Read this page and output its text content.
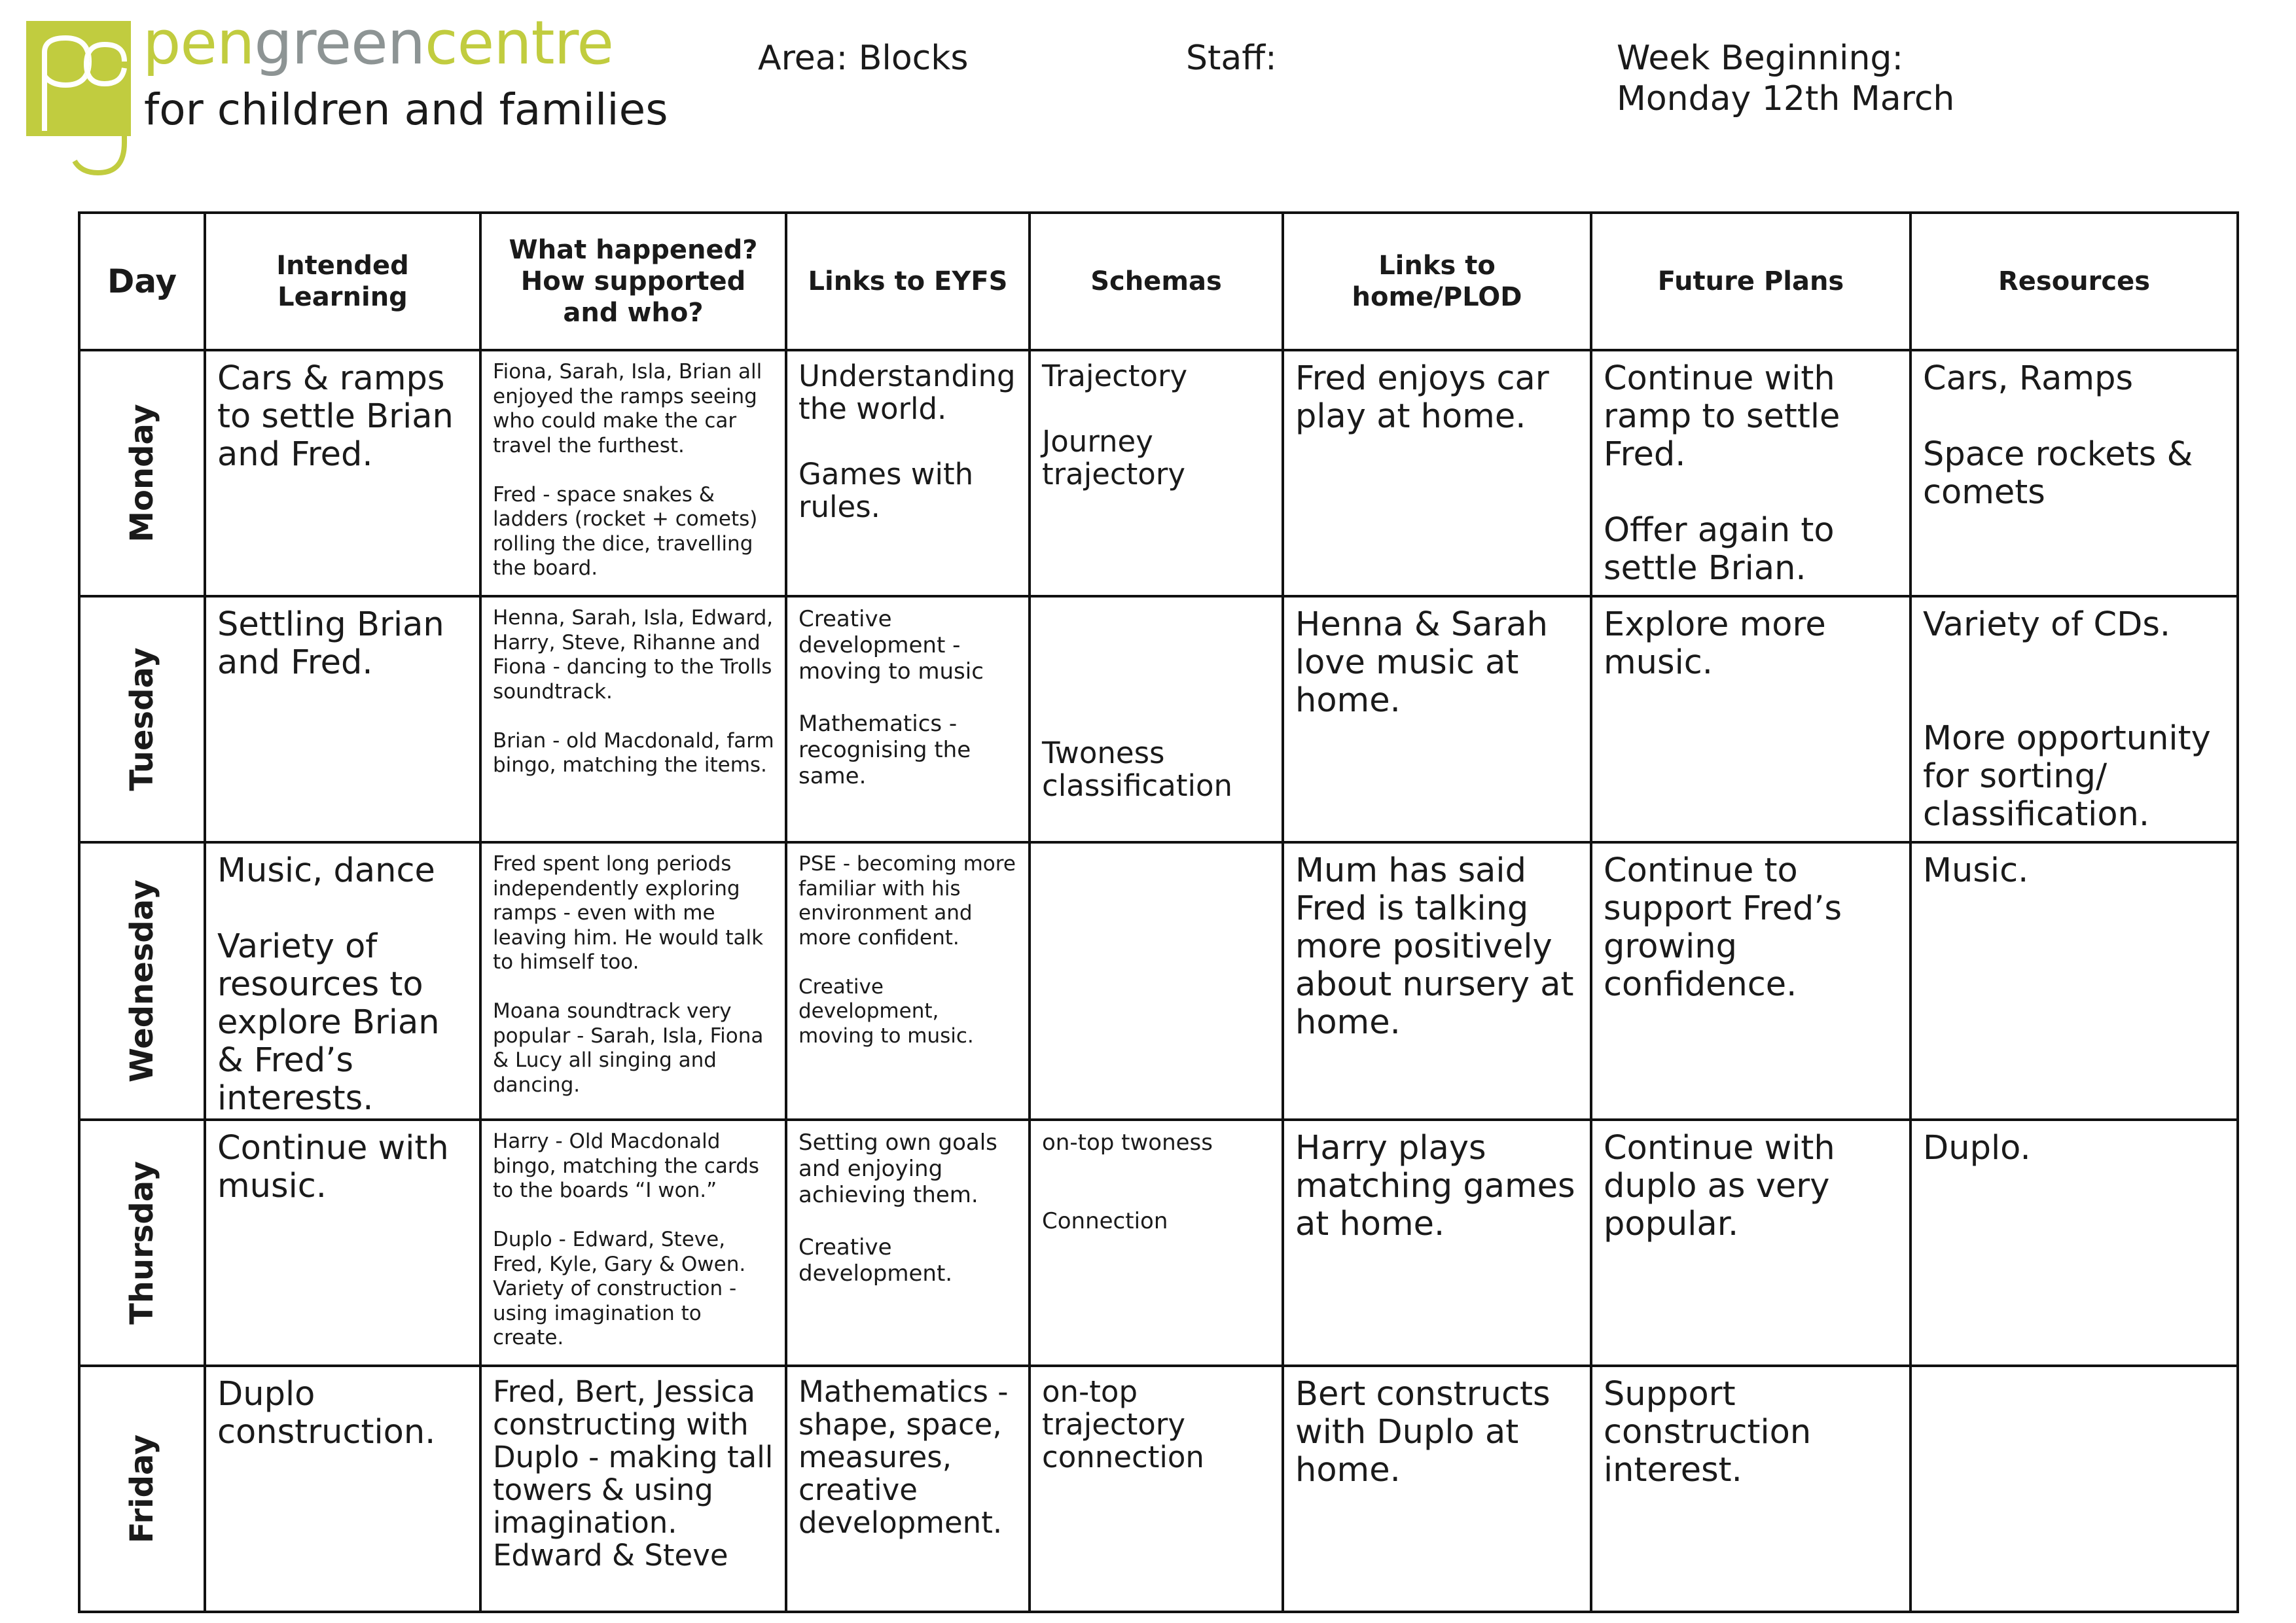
pengreencentre
for children and families
Area: Blocks	Staff:	Week Beginning:
Monday 12th March
Day	Intended Learning	What happened? How supported and who?	Links to EYFS	Schemas	Links to home/PLOD	Future Plans	Resources

Monday	Cars & ramps to settle Brian and Fred.	Fiona, Sarah, Isla, Brian all enjoyed the ramps seeing who could make the car travel the furthest.

Fred - space snakes & ladders (rocket + comets) rolling the dice, travelling the board.	Understanding the world.

Games with rules.	Trajectory

Journey trajectory	Fred enjoys car play at home.	Continue with ramp to settle Fred.

Offer again to settle Brian.	Cars, Ramps

Space rockets & comets

Tuesday	Settling Brian and Fred.	Henna, Sarah, Isla, Edward, Harry, Steve, Rihanne and Fiona - dancing to the Trolls soundtrack.

Brian - old Macdonald, farm bingo, matching the items.	Creative development - moving to music

Mathematics - recognising the same.	

Twoness classification	Henna & Sarah love music at home.	Explore more music.	Variety of CDs.

More opportunity for sorting/ classification.

Wednesday	Music, dance

Variety of resources to explore Brian & Fred’s interests.	Fred spent long periods independently exploring ramps - even with me leaving him. He would talk to himself too.

Moana soundtrack very popular - Sarah, Isla, Fiona & Lucy all singing and dancing.	PSE - becoming more familiar with his environment and more confident.

Creative development, moving to music.		Mum has said Fred is talking more positively about nursery at home.	Continue to support Fred’s growing confidence.	Music.

Thursday	Continue with music.	Harry - Old Macdonald bingo, matching the cards to the boards “I won.”

Duplo - Edward, Steve, Fred, Kyle, Gary & Owen. Variety of construction - using imagination to create.	Setting own goals and enjoying achieving them.

Creative development.	on-top twoness

Connection	Harry plays matching games at home.	Continue with duplo as very popular.	Duplo.

Friday	Duplo construction.	Fred, Bert, Jessica constructing with Duplo - making tall towers & using imagination. Edward & Steve	Mathematics - shape, space, measures, creative development.	on-top trajectory connection	Bert constructs with Duplo at home.	Support construction interest.	
